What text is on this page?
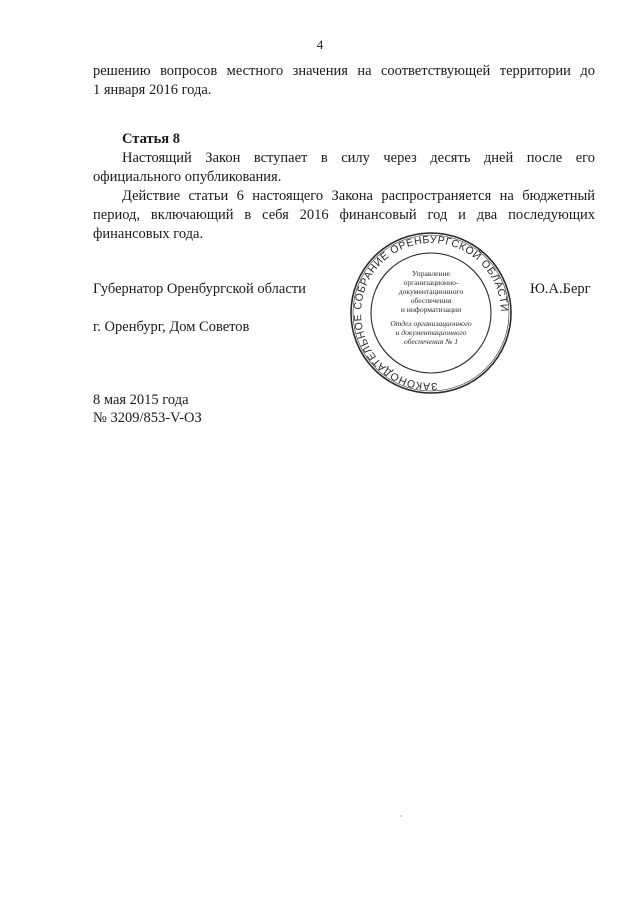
4
решению вопросов местного значения на соответствующей территории до
1 января 2016 года.
Статья 8
Настоящий Закон вступает в силу через десять дней после его
официального опубликования.
Действие статьи 6 настоящего Закона распространяется на бюджетный
период, включающий в себя 2016 финансовый год и два последующих
финансовых года.
Губернатор Оренбургской области	Ю.А.Берг
г. Оренбург, Дом Советов
8 мая 2015 года
№ 3209/853-V-ОЗ
ЗАКОНОДАТЕЛЬНОЕ СОБРАНИЕ ОРЕНБУРГСКОЙ ОБЛАСТИ
Управление
организационно-
документационного
обеспечения
и информатизации
Отдел организационного
и документационного
обеспечения № 1
